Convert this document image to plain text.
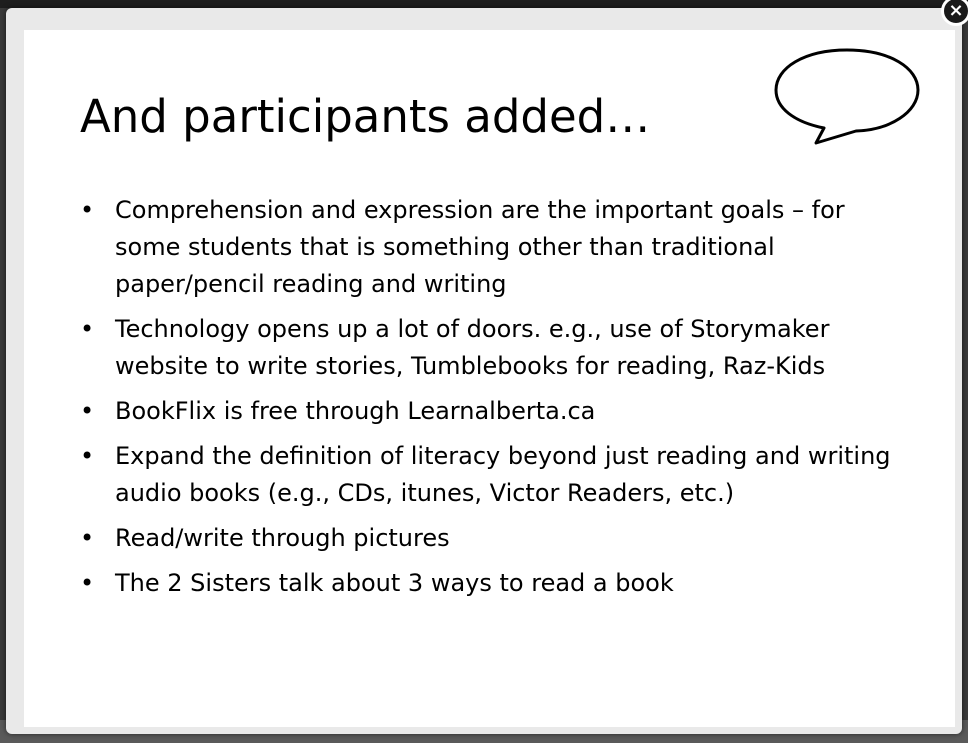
And participants added…
• Comprehension and expression are the important goals – for some students that is something other than traditional paper/pencil reading and writing
• Technology opens up a lot of doors. e.g., use of Storymaker website to write stories, Tumblebooks for reading, Raz-Kids
• BookFlix is free through Learnalberta.ca
• Expand the definition of literacy beyond just reading and writing audio books (e.g., CDs, itunes, Victor Readers, etc.)
• Read/write through pictures
• The 2 Sisters talk about 3 ways to read a book
×
